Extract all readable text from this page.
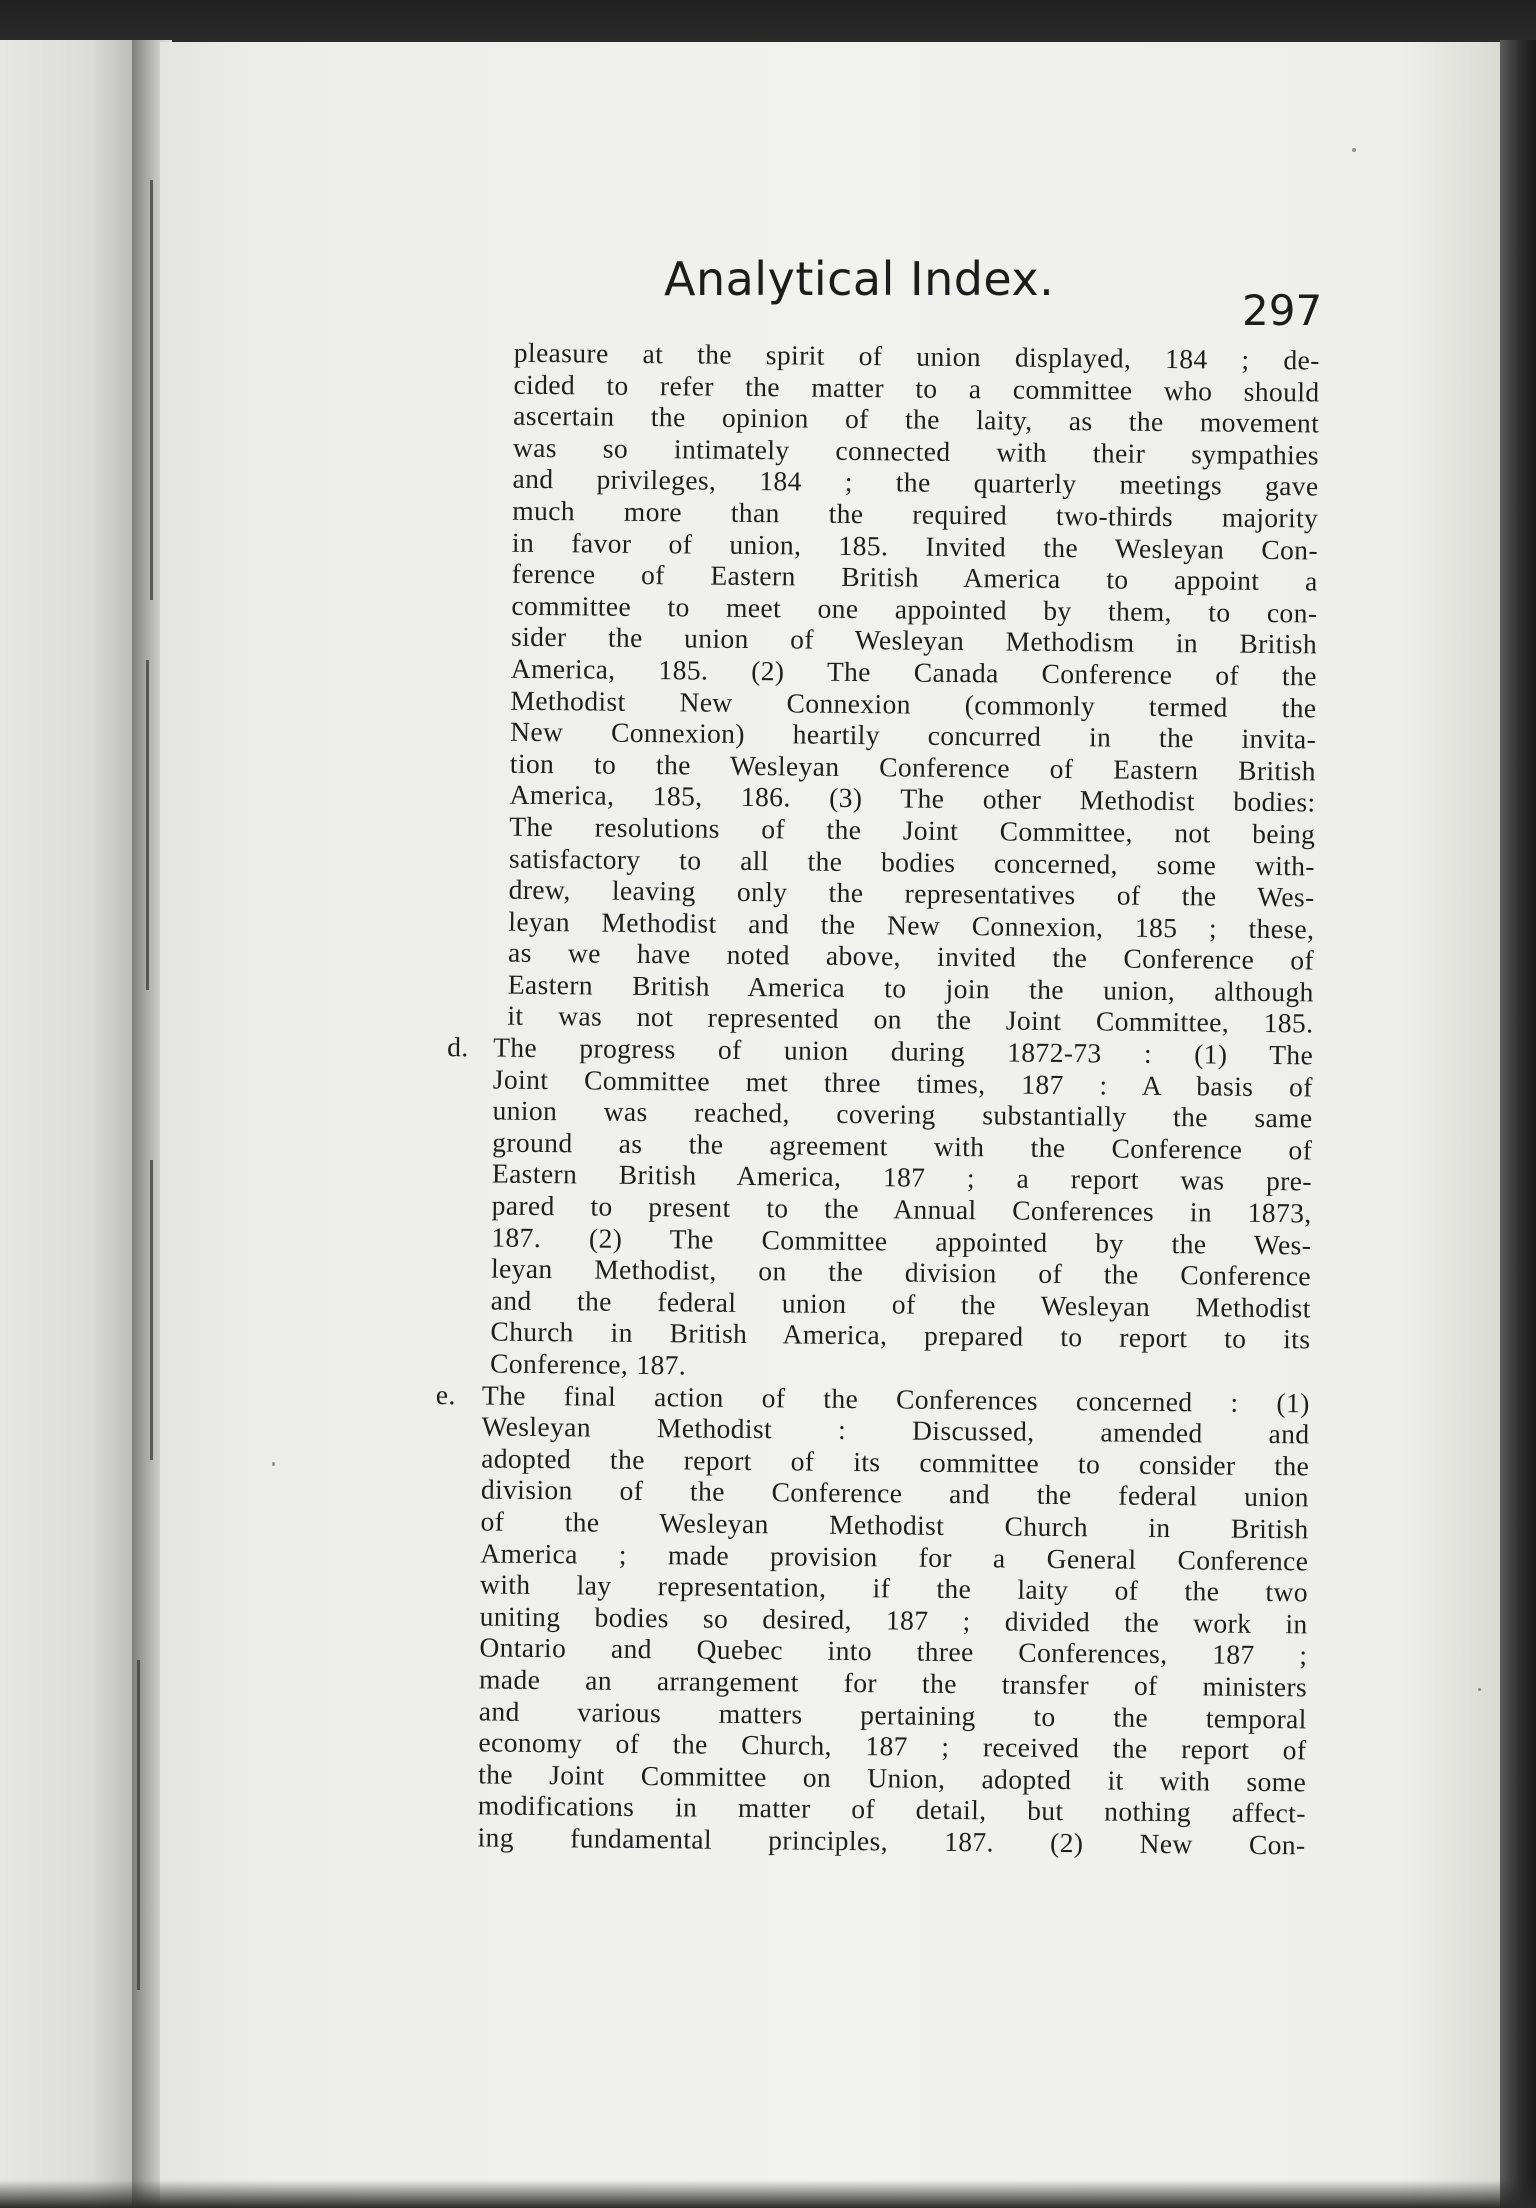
Analytical Index.
297
pleasure at the spirit of union displayed, 184 ; de-
cided to refer the matter to a committee who should
ascertain the opinion of the laity, as the movement
was so intimately connected with their sympathies
and privileges, 184 ; the quarterly meetings gave
much more than the required two-thirds majority
in favor of union, 185. Invited the Wesleyan Con-
ference of Eastern British America to appoint a
committee to meet one appointed by them, to con-
sider the union of Wesleyan Methodism in British
America, 185. (2) The Canada Conference of the
Methodist New Connexion (commonly termed the
New Connexion) heartily concurred in the invita-
tion to the Wesleyan Conference of Eastern British
America, 185, 186. (3) The other Methodist bodies:
The resolutions of the Joint Committee, not being
satisfactory to all the bodies concerned, some with-
drew, leaving only the representatives of the Wes-
leyan Methodist and the New Connexion, 185 ; these,
as we have noted above, invited the Conference of
Eastern British America to join the union, although
it was not represented on the Joint Committee, 185.
d. The progress of union during 1872-73 : (1) The
Joint Committee met three times, 187 : A basis of
union was reached, covering substantially the same
ground as the agreement with the Conference of
Eastern British America, 187 ; a report was pre-
pared to present to the Annual Conferences in 1873,
187. (2) The Committee appointed by the Wes-
leyan Methodist, on the division of the Conference
and the federal union of the Wesleyan Methodist
Church in British America, prepared to report to its
Conference, 187.
e. The final action of the Conferences concerned : (1)
Wesleyan Methodist : Discussed, amended and
adopted the report of its committee to consider the
division of the Conference and the federal union
of the Wesleyan Methodist Church in British
America ; made provision for a General Conference
with lay representation, if the laity of the two
uniting bodies so desired, 187 ; divided the work in
Ontario and Quebec into three Conferences, 187 ;
made an arrangement for the transfer of ministers
and various matters pertaining to the temporal
economy of the Church, 187 ; received the report of
the Joint Committee on Union, adopted it with some
modifications in matter of detail, but nothing affect-
ing fundamental principles, 187. (2) New Con-
